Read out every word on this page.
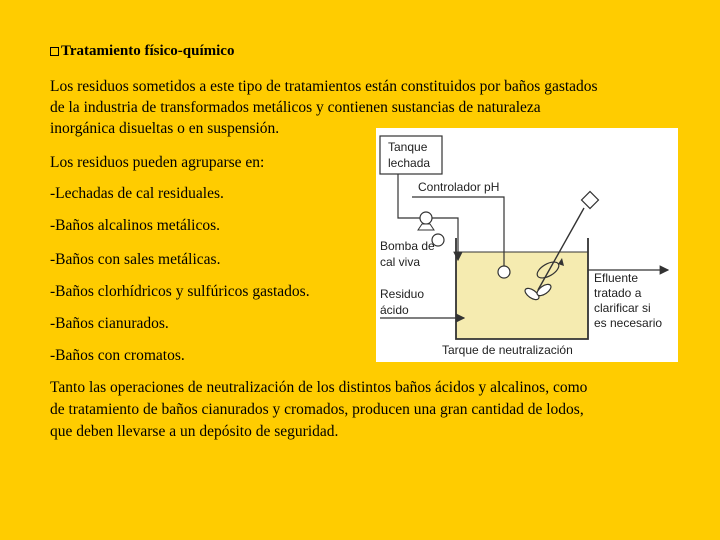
Tratamiento físico-químico
Los residuos sometidos a este tipo de tratamientos están constituidos por baños gastados
de la industria de transformados metálicos y contienen sustancias de naturaleza
inorgánica disueltas o en suspensión.
Los residuos pueden agruparse en:
-Lechadas de cal residuales.
-Baños alcalinos metálicos.
-Baños con sales metálicas.
-Baños clorhídricos y sulfúricos gastados.
-Baños cianurados.
-Baños con cromatos.
Tanto las operaciones de neutralización de los distintos baños ácidos y alcalinos, como
de tratamiento de baños cianurados y cromados, producen una gran cantidad de lodos,
que deben llevarse a un depósito de seguridad.
Tanque
lechada
Controlador pH
Bomba de
cal viva
Residuo
ácido
Efluente
tratado a
clarificar si
es necesario
Tarque de neutralización
